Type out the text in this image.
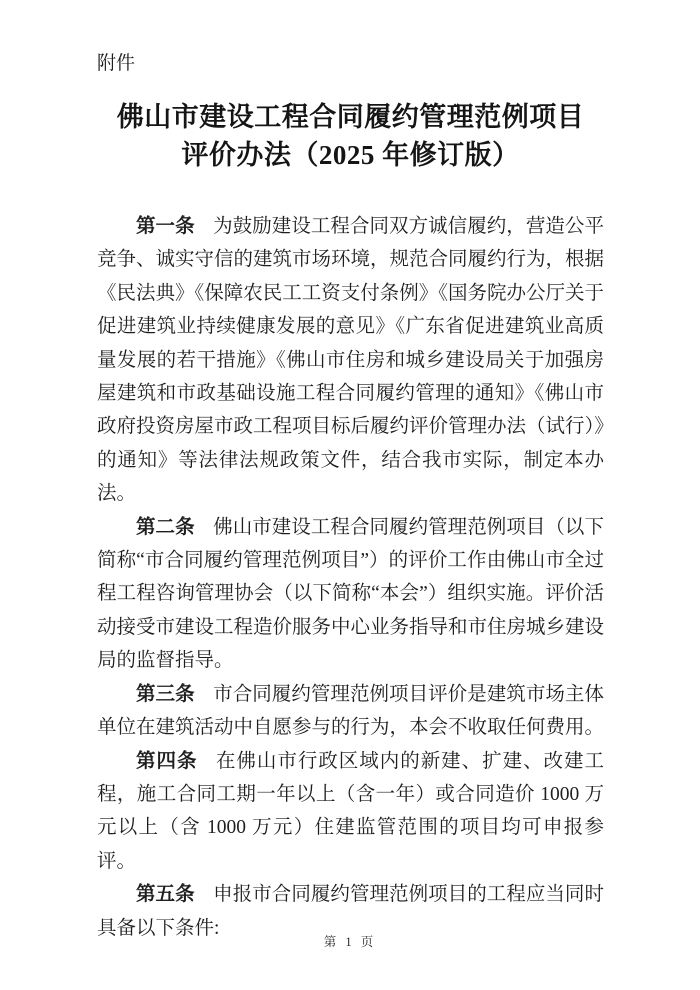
附件
佛山市建设工程合同履约管理范例项目
评价办法（2025 年修订版）

第一条 为鼓励建设工程合同双方诚信履约，营造公平竞争、诚实守信的建筑市场环境，规范合同履约行为，根据《民法典》《保障农民工工资支付条例》《国务院办公厅关于促进建筑业持续健康发展的意见》《广东省促进建筑业高质量发展的若干措施》《佛山市住房和城乡建设局关于加强房屋建筑和市政基础设施工程合同履约管理的通知》《佛山市政府投资房屋市政工程项目标后履约评价管理办法（试行）》的通知》等法律法规政策文件，结合我市实际，制定本办法。

第二条 佛山市建设工程合同履约管理范例项目（以下简称“市合同履约管理范例项目”）的评价工作由佛山市全过程工程咨询管理协会（以下简称“本会”）组织实施。评价活动接受市建设工程造价服务中心业务指导和市住房城乡建设局的监督指导。

第三条 市合同履约管理范例项目评价是建筑市场主体单位在建筑活动中自愿参与的行为，本会不收取任何费用。

第四条 在佛山市行政区域内的新建、扩建、改建工程，施工合同工期一年以上（含一年）或合同造价 1000 万元以上（含 1000 万元）住建监管范围的项目均可申报参评。

第五条 申报市合同履约管理范例项目的工程应当同时具备以下条件:

第 1 页
